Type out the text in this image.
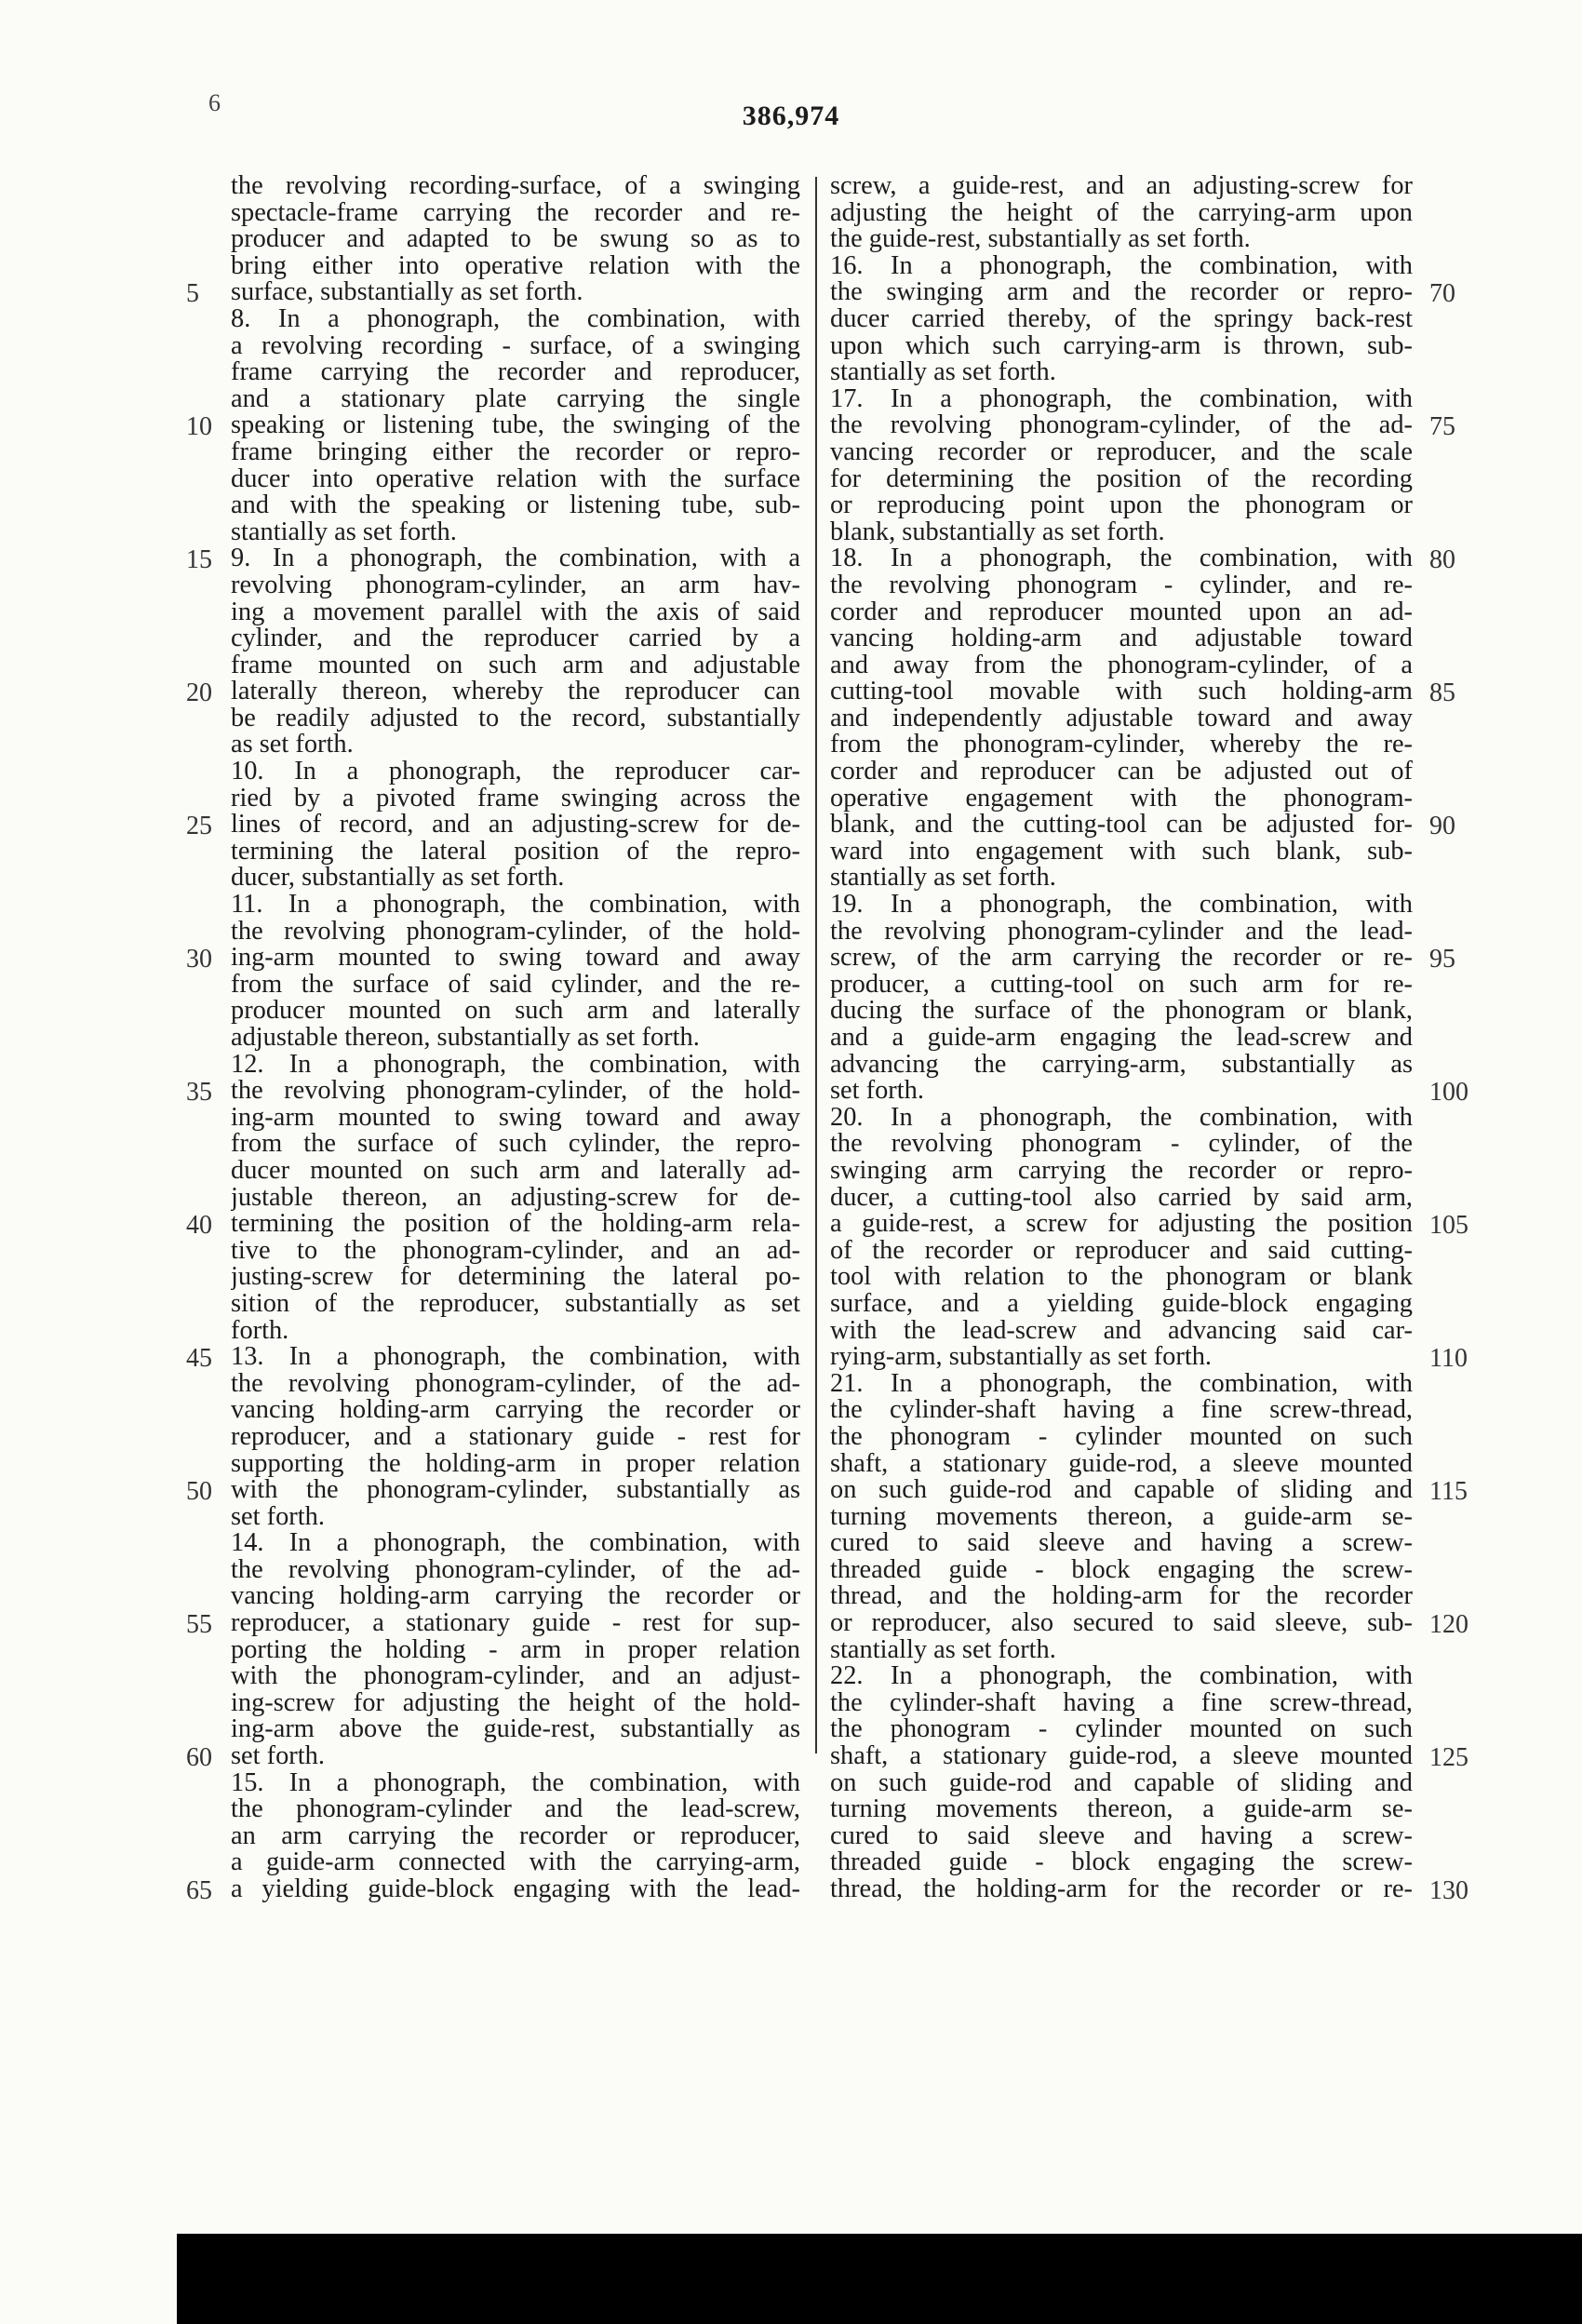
6	386,974
the revolving recording-surface, of a swinging
spectacle-frame carrying the recorder and re-
producer and adapted to be swung so as to
bring either into operative relation with the
surface, substantially as set forth.
8. In a phonograph, the combination, with
a revolving recording - surface, of a swinging
frame carrying the recorder and reproducer,
and a stationary plate carrying the single
speaking or listening tube, the swinging of the
frame bringing either the recorder or repro-
ducer into operative relation with the surface
and with the speaking or listening tube, sub-
stantially as set forth.
9. In a phonograph, the combination, with a
revolving phonogram-cylinder, an arm hav-
ing a movement parallel with the axis of said
cylinder, and the reproducer carried by a
frame mounted on such arm and adjustable
laterally thereon, whereby the reproducer can
be readily adjusted to the record, substantially
as set forth.
10. In a phonograph, the reproducer car-
ried by a pivoted frame swinging across the
lines of record, and an adjusting-screw for de-
termining the lateral position of the repro-
ducer, substantially as set forth.
11. In a phonograph, the combination, with
the revolving phonogram-cylinder, of the hold-
ing-arm mounted to swing toward and away
from the surface of said cylinder, and the re-
producer mounted on such arm and laterally
adjustable thereon, substantially as set forth.
12. In a phonograph, the combination, with
the revolving phonogram-cylinder, of the hold-
ing-arm mounted to swing toward and away
from the surface of such cylinder, the repro-
ducer mounted on such arm and laterally ad-
justable thereon, an adjusting-screw for de-
termining the position of the holding-arm rela-
tive to the phonogram-cylinder, and an ad-
justing-screw for determining the lateral po-
sition of the reproducer, substantially as set
forth.
13. In a phonograph, the combination, with
the revolving phonogram-cylinder, of the ad-
vancing holding-arm carrying the recorder or
reproducer, and a stationary guide - rest for
supporting the holding-arm in proper relation
with the phonogram-cylinder, substantially as
set forth.
14. In a phonograph, the combination, with
the revolving phonogram-cylinder, of the ad-
vancing holding-arm carrying the recorder or
reproducer, a stationary guide - rest for sup-
porting the holding - arm in proper relation
with the phonogram-cylinder, and an adjust-
ing-screw for adjusting the height of the hold-
ing-arm above the guide-rest, substantially as
set forth.
15. In a phonograph, the combination, with
the phonogram-cylinder and the lead-screw,
an arm carrying the recorder or reproducer,
a guide-arm connected with the carrying-arm,
a yielding guide-block engaging with the lead-
screw, a guide-rest, and an adjusting-screw for
adjusting the height of the carrying-arm upon
the guide-rest, substantially as set forth.
16. In a phonograph, the combination, with
the swinging arm and the recorder or repro-
ducer carried thereby, of the springy back-rest
upon which such carrying-arm is thrown, sub-
stantially as set forth.
17. In a phonograph, the combination, with
the revolving phonogram-cylinder, of the ad-
vancing recorder or reproducer, and the scale
for determining the position of the recording
or reproducing point upon the phonogram or
blank, substantially as set forth.
18. In a phonograph, the combination, with
the revolving phonogram - cylinder, and re-
corder and reproducer mounted upon an ad-
vancing holding-arm and adjustable toward
and away from the phonogram-cylinder, of a
cutting-tool movable with such holding-arm
and independently adjustable toward and away
from the phonogram-cylinder, whereby the re-
corder and reproducer can be adjusted out of
operative engagement with the phonogram-
blank, and the cutting-tool can be adjusted for-
ward into engagement with such blank, sub-
stantially as set forth.
19. In a phonograph, the combination, with
the revolving phonogram-cylinder and the lead-
screw, of the arm carrying the recorder or re-
producer, a cutting-tool on such arm for re-
ducing the surface of the phonogram or blank,
and a guide-arm engaging the lead-screw and
advancing the carrying-arm, substantially as
set forth.
20. In a phonograph, the combination, with
the revolving phonogram - cylinder, of the
swinging arm carrying the recorder or repro-
ducer, a cutting-tool also carried by said arm,
a guide-rest, a screw for adjusting the position
of the recorder or reproducer and said cutting-
tool with relation to the phonogram or blank
surface, and a yielding guide-block engaging
with the lead-screw and advancing said car-
rying-arm, substantially as set forth.
21. In a phonograph, the combination, with
the cylinder-shaft having a fine screw-thread,
the phonogram - cylinder mounted on such
shaft, a stationary guide-rod, a sleeve mounted
on such guide-rod and capable of sliding and
turning movements thereon, a guide-arm se-
cured to said sleeve and having a screw-
threaded guide - block engaging the screw-
thread, and the holding-arm for the recorder
or reproducer, also secured to said sleeve, sub-
stantially as set forth.
22. In a phonograph, the combination, with
the cylinder-shaft having a fine screw-thread,
the phonogram - cylinder mounted on such
shaft, a stationary guide-rod, a sleeve mounted
on such guide-rod and capable of sliding and
turning movements thereon, a guide-arm se-
cured to said sleeve and having a screw-
threaded guide - block engaging the screw-
thread, the holding-arm for the recorder or re-
5
10
15
20
25
30
35
40
45
50
55
60
65
70
75
80
85
90
95
100
105
110
115
120
125
130
